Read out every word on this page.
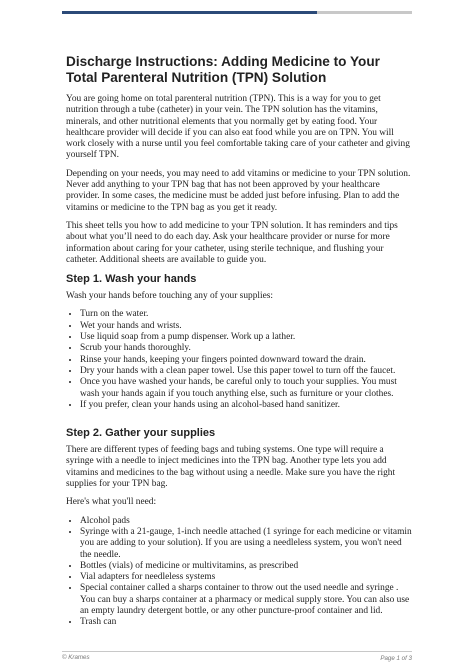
Discharge Instructions: Adding Medicine to Your Total Parenteral Nutrition (TPN) Solution

You are going home on total parenteral nutrition (TPN). This is a way for you to get nutrition through a tube (catheter) in your vein. The TPN solution has the vitamins, minerals, and other nutritional elements that you normally get by eating food. Your healthcare provider will decide if you can also eat food while you are on TPN. You will work closely with a nurse until you feel comfortable taking care of your catheter and giving yourself TPN.

Depending on your needs, you may need to add vitamins or medicine to your TPN solution. Never add anything to your TPN bag that has not been approved by your healthcare provider. In some cases, the medicine must be added just before infusing. Plan to add the vitamins or medicine to the TPN bag as you get it ready.

This sheet tells you how to add medicine to your TPN solution. It has reminders and tips about what you’ll need to do each day. Ask your healthcare provider or nurse for more information about caring for your catheter, using sterile technique, and flushing your catheter. Additional sheets are available to guide you.

Step 1. Wash your hands

Wash your hands before touching any of your supplies:

• Turn on the water.
• Wet your hands and wrists.
• Use liquid soap from a pump dispenser. Work up a lather.
• Scrub your hands thoroughly.
• Rinse your hands, keeping your fingers pointed downward toward the drain.
• Dry your hands with a clean paper towel. Use this paper towel to turn off the faucet.
• Once you have washed your hands, be careful only to touch your supplies. You must wash your hands again if you touch anything else, such as furniture or your clothes.
• If you prefer, clean your hands using an alcohol-based hand sanitizer.
Step 2. Gather your supplies

There are different types of feeding bags and tubing systems. One type will require a syringe with a needle to inject medicines into the TPN bag. Another type lets you add vitamins and medicines to the bag without using a needle. Make sure you have the right supplies for your TPN bag.

Here's what you'll need:

• Alcohol pads
• Syringe with a 21-gauge, 1-inch needle attached (1 syringe for each medicine or vitamin you are adding to your solution). If you are using a needleless system, you won't need the needle.
• Bottles (vials) of medicine or multivitamins, as prescribed
• Vial adapters for needleless systems
• Special container called a sharps container to throw out the used needle and syringe . You can buy a sharps container at a pharmacy or medical supply store. You can also use an empty laundry detergent bottle, or any other puncture-proof container and lid.
• Trash can
© Krames	Page 1 of 3
